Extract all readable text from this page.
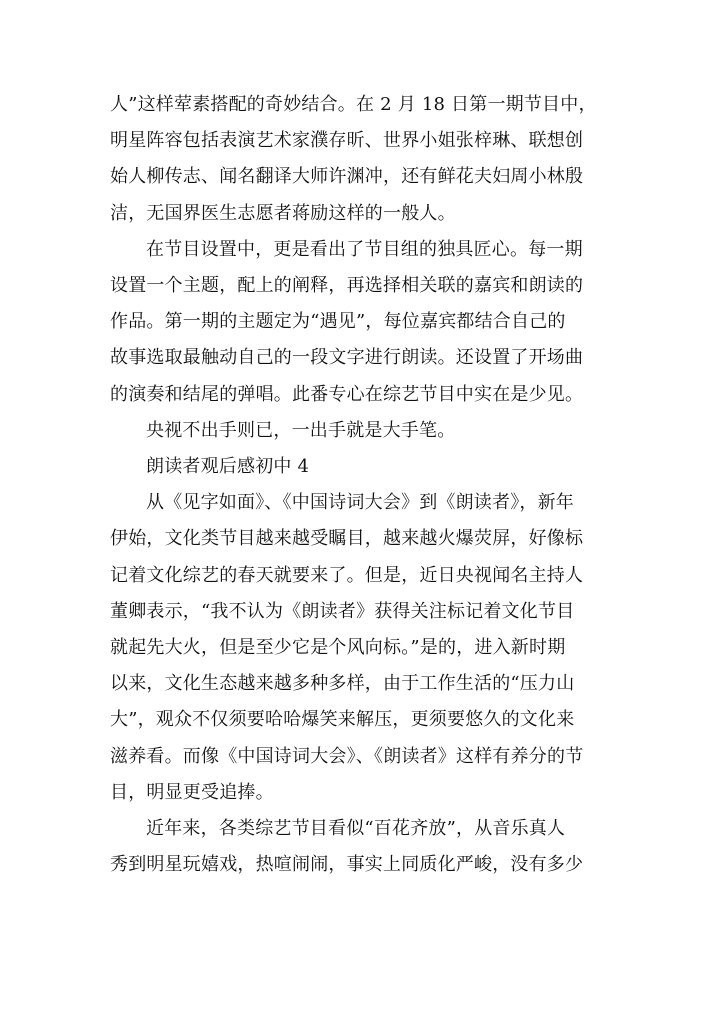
人”这样荤素搭配的奇妙结合。在 2 月 18 日第一期节目中，

明星阵容包括表演艺术家濮存昕、世界小姐张梓琳、联想创

始人柳传志、闻名翻译大师许渊冲，还有鲜花夫妇周小林殷

洁，无国界医生志愿者蒋励这样的一般人。

在节目设置中，更是看出了节目组的独具匠心。每一期

设置一个主题，配上的阐释，再选择相关联的嘉宾和朗读的

作品。第一期的主题定为“遇见”，每位嘉宾都结合自己的

故事选取最触动自己的一段文字进行朗读。还设置了开场曲

的演奏和结尾的弹唱。此番专心在综艺节目中实在是少见。

央视不出手则已，一出手就是大手笔。

朗读者观后感初中 4

从《见字如面》、《中国诗词大会》到《朗读者》，新年

伊始，文化类节目越来越受瞩目，越来越火爆荧屏，好像标

记着文化综艺的春天就要来了。但是，近日央视闻名主持人

董卿表示，“我不认为《朗读者》获得关注标记着文化节目

就起先大火，但是至少它是个风向标。”是的，进入新时期

以来，文化生态越来越多种多样，由于工作生活的“压力山

大”，观众不仅须要哈哈爆笑来解压，更须要悠久的文化来

滋养看。而像《中国诗词大会》、《朗读者》这样有养分的节

目，明显更受追捧。

近年来，各类综艺节目看似“百花齐放”，从音乐真人

秀到明星玩嬉戏，热喧闹闹，事实上同质化严峻，没有多少
